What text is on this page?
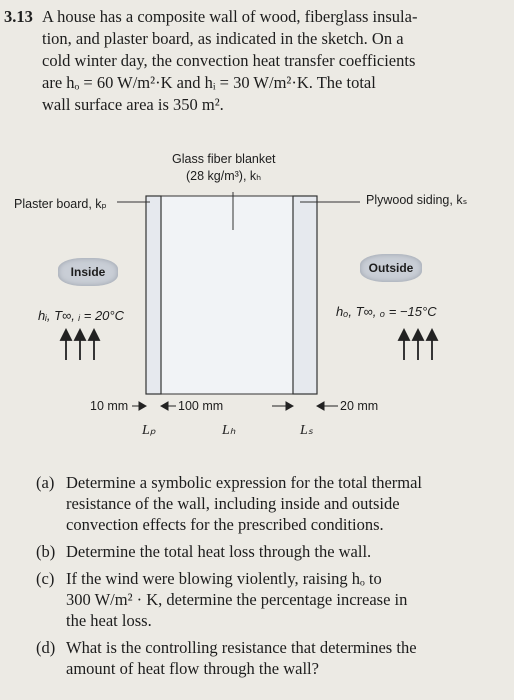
3.13 A house has a composite wall of wood, fiberglass insula-
tion, and plaster board, as indicated in the sketch. On a
cold winter day, the convection heat transfer coefficients
are hₒ = 60 W/m²·K and hᵢ = 30 W/m²·K. The total
wall surface area is 350 m².
Glass fiber blanket
(28 kg/m³), kₕ
Plaster board, kₚ	Plywood siding, kₛ
Inside	Outside
hᵢ, T∞, ᵢ = 20°C	hₒ, T∞, ₒ = −15°C
10 mm	100 mm	20 mm
Lₚ	Lₕ	Lₛ
(a) Determine a symbolic expression for the total thermal
resistance of the wall, including inside and outside
convection effects for the prescribed conditions.
(b) Determine the total heat loss through the wall.
(c) If the wind were blowing violently, raising hₒ to
300 W/m² · K, determine the percentage increase in
the heat loss.
(d) What is the controlling resistance that determines the
amount of heat flow through the wall?
